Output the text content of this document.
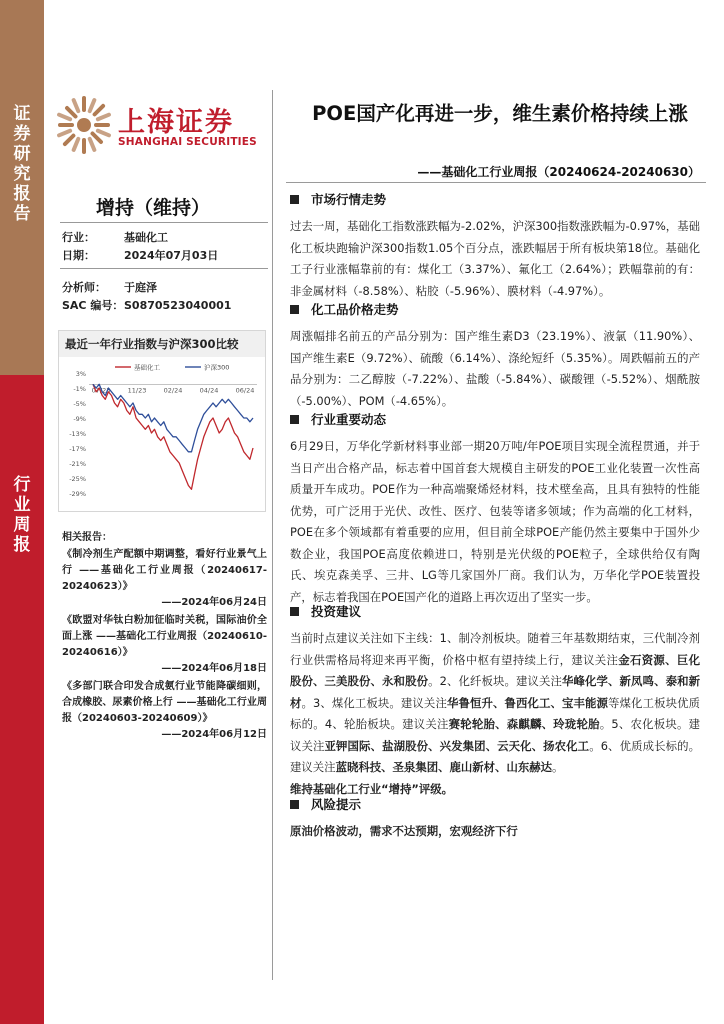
证
券
研
究
报
告
行
业
周
报
上海证券
SHANGHAI SECURITIES
增持（维持）
行业：	基础化工
日期：	2024年07月03日
分析师： 于庭泽
SAC 编号：S0870523040001
最近一年行业指数与沪深300比较
3%
-1%
-5%
-9%
-13%
-17%
-21%
-25%
-29%
07/23	11/23	02/24	04/24	06/24
基础化工	沪深300
相关报告：
《制冷剂生产配额中期调整，看好行业景气上行 ——基础化工行业周报（20240617-20240623）》
——2024年06月24日
《欧盟对华钛白粉加征临时关税，国际油价全面上涨 ——基础化工行业周报（20240610-20240616）》
——2024年06月18日
《多部门联合印发合成氨行业节能降碳细则，合成橡胶、尿素价格上行 ——基础化工行业周报（20240603-20240609）》
——2024年06月12日
POE国产化再进一步，维生素价格持续上涨
——基础化工行业周报（20240624-20240630）
市场行情走势
过去一周，基础化工指数涨跌幅为-2.02%，沪深300指数涨跌幅为-0.97%，基础化工板块跑输沪深300指数1.05个百分点，涨跌幅居于所有板块第18位。基础化工子行业涨幅靠前的有：煤化工（3.37%）、氟化工（2.64%）；跌幅靠前的有：非金属材料（-8.58%）、粘胶（-5.96%）、膜材料（-4.97%）。
化工品价格走势
周涨幅排名前五的产品分别为：国产维生素D3（23.19%）、液氯（11.90%）、国产维生素E（9.72%）、硫酸（6.14%）、涤纶短纤（5.35%）。周跌幅前五的产品分别为：二乙醇胺（-7.22%）、盐酸（-5.84%）、碳酸锂（-5.52%）、烟酰胺（-5.00%）、POM（-4.65%）。
行业重要动态
6月29日，万华化学新材料事业部一期20万吨/年POE项目实现全流程贯通，并于当日产出合格产品，标志着中国首套大规模自主研发的POE工业化装置一次性高质量开车成功。POE作为一种高端聚烯烃材料，技术壁垒高，且具有独特的性能优势，可广泛用于光伏、改性、医疗、包装等诸多领域；作为高端的化工材料，POE在多个领域都有着重要的应用，但目前全球POE产能仍然主要集中于国外少数企业，我国POE高度依赖进口，特别是光伏级的POE粒子，全球供给仅有陶氏、埃克森美孚、三井、LG等几家国外厂商。我们认为，万华化学POE装置投产，标志着我国在POE国产化的道路上再次迈出了坚实一步。
投资建议
当前时点建议关注如下主线：1、制冷剂板块。随着三年基数期结束，三代制冷剂行业供需格局将迎来再平衡，价格中枢有望持续上行，建议关注金石资源、巨化股份、三美股份、永和股份。2、化纤板块。建议关注华峰化学、新凤鸣、泰和新材。3、煤化工板块。建议关注华鲁恒升、鲁西化工、宝丰能源等煤化工板块优质标的。4、轮胎板块。建议关注赛轮轮胎、森麒麟、玲珑轮胎。5、农化板块。建议关注亚钾国际、盐湖股份、兴发集团、云天化、扬农化工。6、优质成长标的。建议关注蓝晓科技、圣泉集团、鹿山新材、山东赫达。
维持基础化工行业“增持”评级。
风险提示
原油价格波动，需求不达预期，宏观经济下行
